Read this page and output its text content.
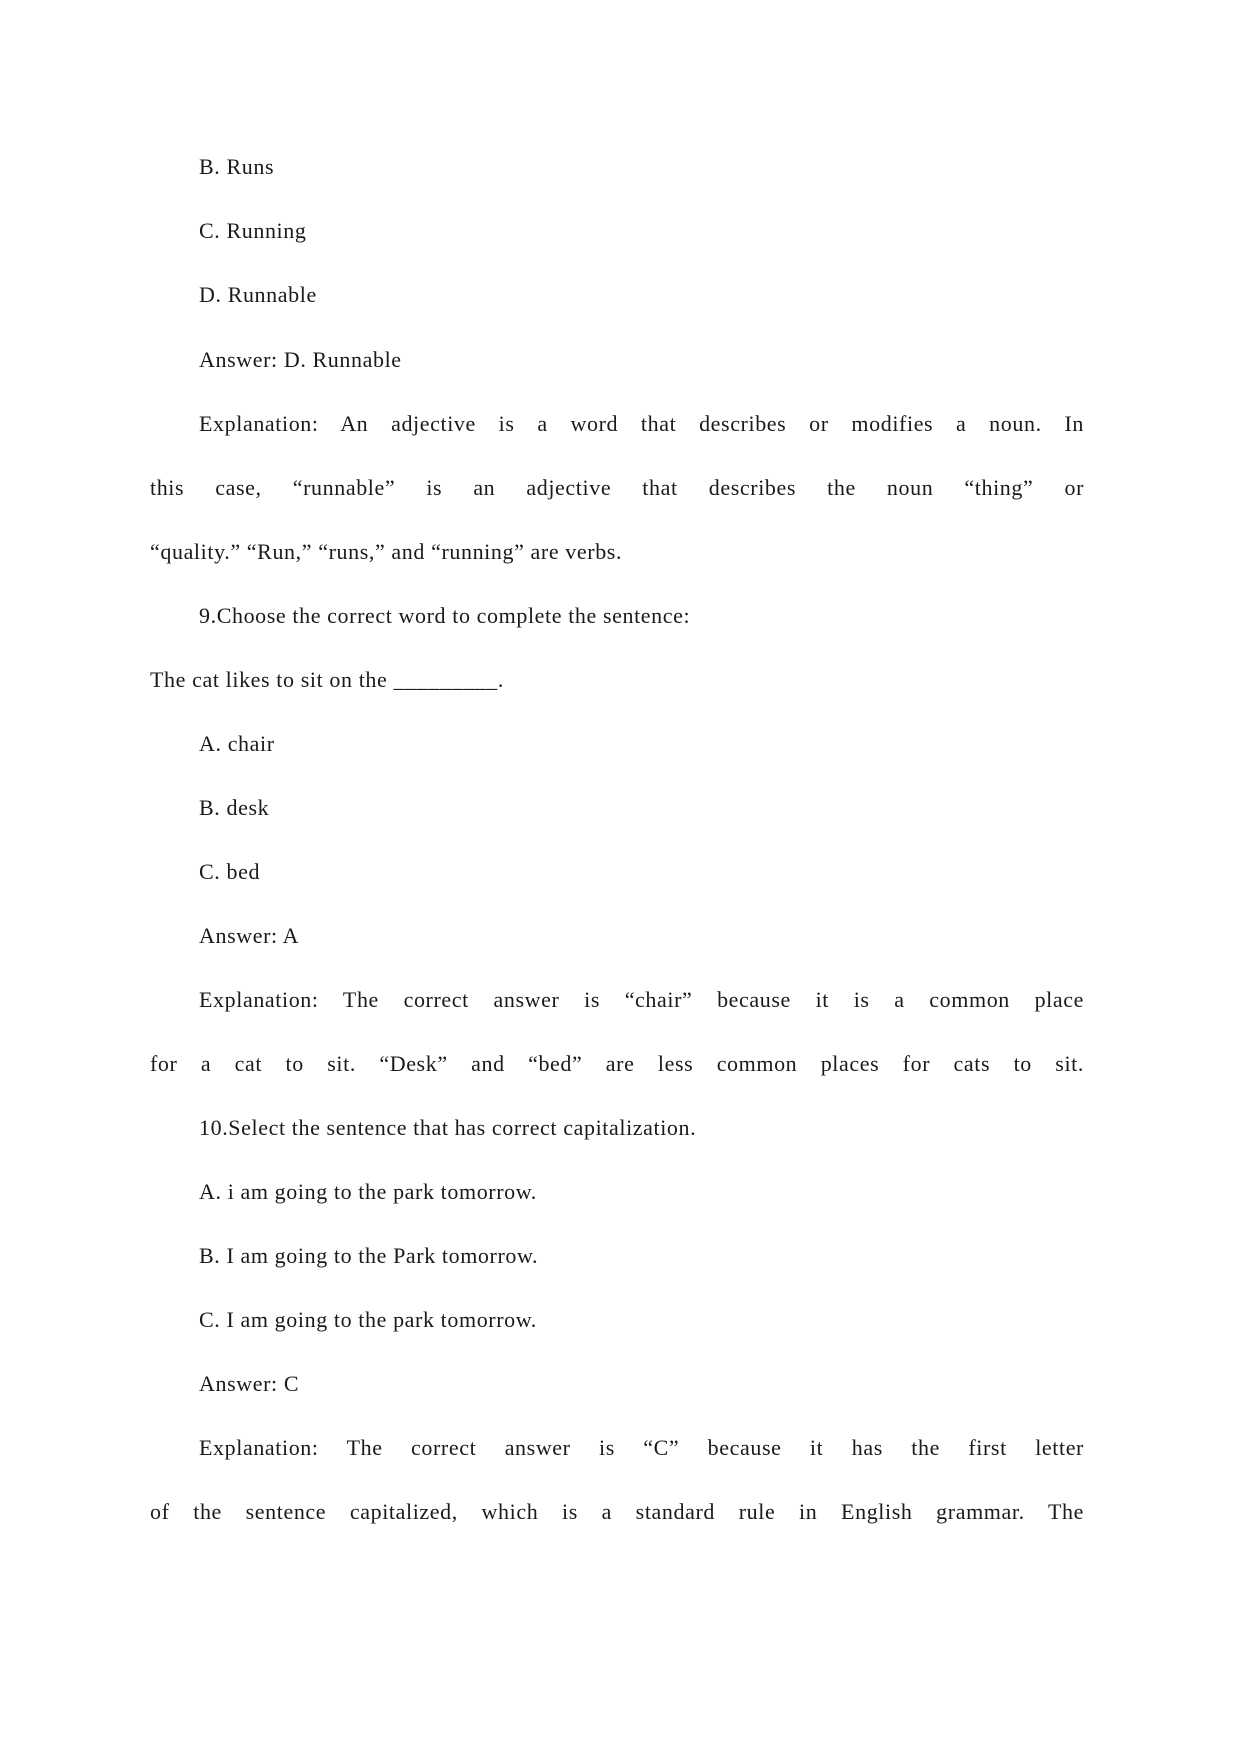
B. Runs
C. Running
D. Runnable
Answer: D. Runnable
Explanation: An adjective is a word that describes or modifies a noun. In
this case, “runnable” is an adjective that describes the noun “thing” or
“quality.” “Run,” “runs,” and “running” are verbs.
9.Choose the correct word to complete the sentence:
The cat likes to sit on the _________.
A. chair
B. desk
C. bed
Answer: A
Explanation: The correct answer is “chair” because it is a common place
for a cat to sit. “Desk” and “bed” are less common places for cats to sit.
10.Select the sentence that has correct capitalization.
A. i am going to the park tomorrow.
B. I am going to the Park tomorrow.
C. I am going to the park tomorrow.
Answer: C
Explanation: The correct answer is “C” because it has the first letter
of the sentence capitalized, which is a standard rule in English grammar. The
